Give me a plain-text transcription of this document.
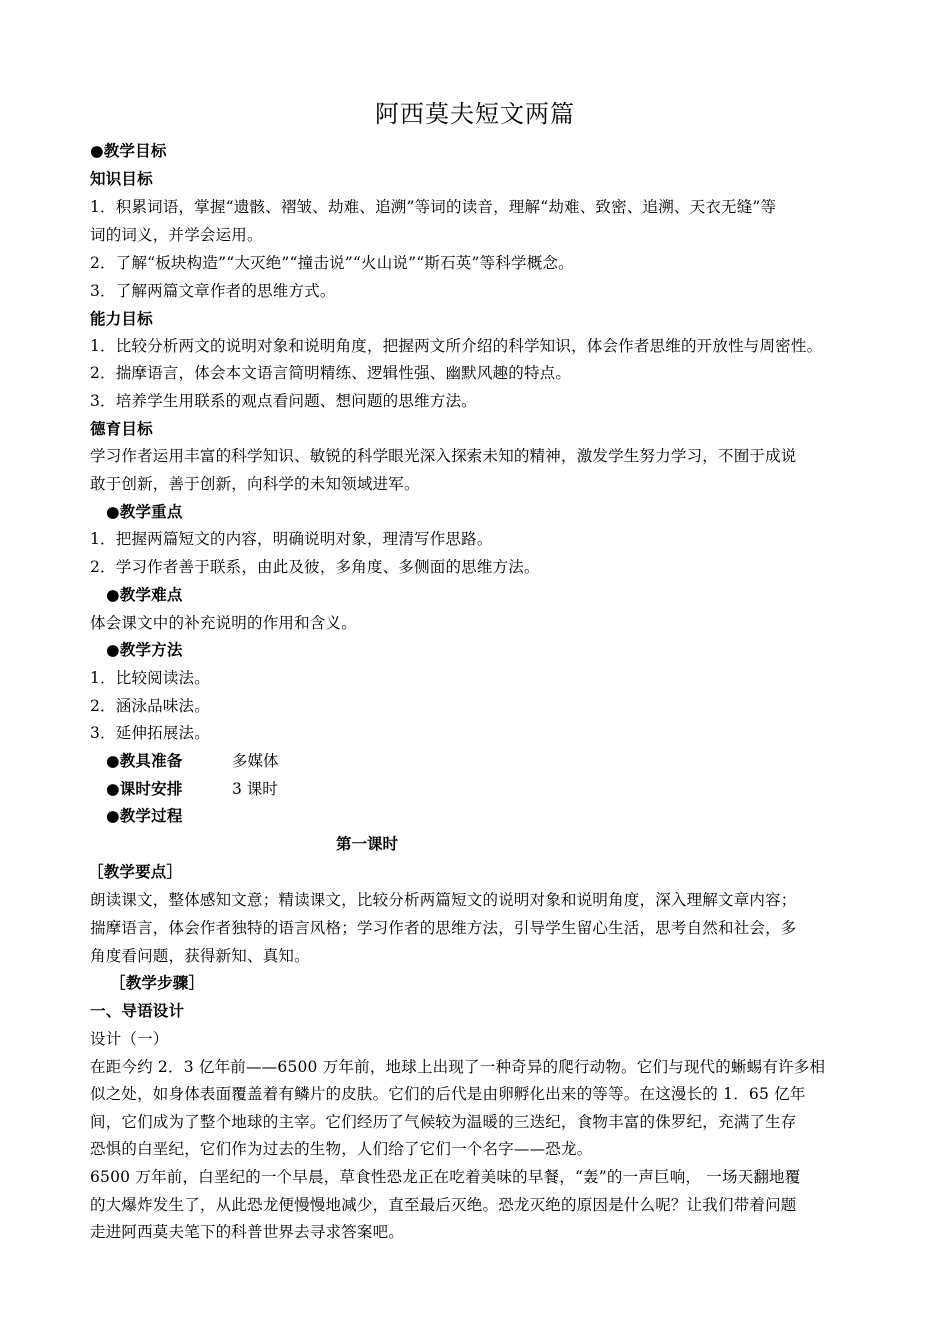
阿西莫夫短文两篇
●教学目标
知识目标
1．积累词语，掌握“遗骸、褶皱、劫难、追溯”等词的读音，理解“劫难、致密、追溯、天衣无缝”等
词的词义，并学会运用。
2．了解“板块构造”“大灭绝”“撞击说”“火山说”“斯石英”等科学概念。
3．了解两篇文章作者的思维方式。
能力目标
1．比较分析两文的说明对象和说明角度，把握两文所介绍的科学知识，体会作者思维的开放性与周密性。
2．揣摩语言，体会本文语言简明精练、逻辑性强、幽默风趣的特点。
3．培养学生用联系的观点看问题、想问题的思维方法。
德育目标
学习作者运用丰富的科学知识、敏锐的科学眼光深入探索未知的精神，激发学生努力学习，不囿于成说
敢于创新，善于创新，向科学的未知领域进军。
●教学重点
1．把握两篇短文的内容，明确说明对象，理清写作思路。
2．学习作者善于联系，由此及彼，多角度、多侧面的思维方法。
●教学难点
体会课文中的补充说明的作用和含义。
●教学方法
1．比较阅读法。
2．涵泳品味法。
3．延伸拓展法。
●教具准备	多媒体
●课时安排	3 课时
●教学过程
第一课时
［教学要点］
朗读课文，整体感知文意；精读课文，比较分析两篇短文的说明对象和说明角度，深入理解文章内容；
揣摩语言，体会作者独特的语言风格；学习作者的思维方法，引导学生留心生活，思考自然和社会，多
角度看问题，获得新知、真知。
［教学步骤］
一、导语设计
设计（一）
在距今约 2．3 亿年前——6500 万年前，地球上出现了一种奇异的爬行动物。它们与现代的蜥蜴有许多相
似之处，如身体表面覆盖着有鳞片的皮肤。它们的后代是由卵孵化出来的等等。在这漫长的 1．65 亿年
间，它们成为了整个地球的主宰。它们经历了气候较为温暖的三迭纪，食物丰富的侏罗纪，充满了生存
恐惧的白垩纪，它们作为过去的生物，人们给了它们一个名字——恐龙。
6500 万年前，白垩纪的一个早晨，草食性恐龙正在吃着美味的早餐，“轰”的一声巨响， 一场天翻地覆
的大爆炸发生了，从此恐龙便慢慢地减少，直至最后灭绝。恐龙灭绝的原因是什么呢？让我们带着问题
走进阿西莫夫笔下的科普世界去寻求答案吧。
